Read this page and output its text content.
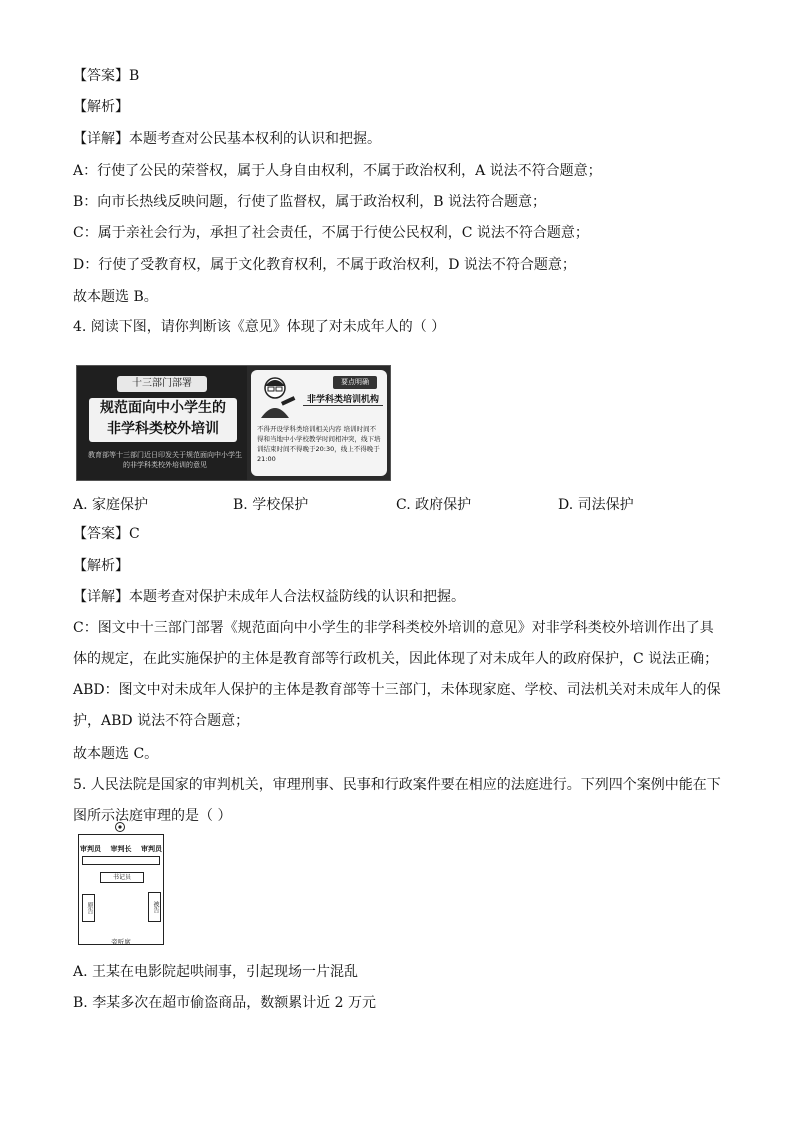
【答案】B
【解析】
【详解】本题考查对公民基本权利的认识和把握。
A：行使了公民的荣誉权，属于人身自由权利，不属于政治权利，A 说法不符合题意；
B：向市长热线反映问题，行使了监督权，属于政治权利，B 说法符合题意；
C：属于亲社会行为，承担了社会责任，不属于行使公民权利，C 说法不符合题意；
D：行使了受教育权，属于文化教育权利，不属于政治权利，D 说法不符合题意；
故本题选 B。
4. 阅读下图，请你判断该《意见》体现了对未成年人的（ ）
十三部门部署
规范面向中小学生的
非学科类校外培训
教育部等十三部门近日印发关于规范面向中小学生的非学科类校外培训的意见
要点明确
非学科类培训机构
不得开设学科类培训相关内容 培训时间不得和当地中小学校教学时间相冲突，线下培训结束时间不得晚于20:30，线上不得晚于21:00
A. 家庭保护	B. 学校保护	C. 政府保护	D. 司法保护
【答案】C
【解析】
【详解】本题考查对保护未成年人合法权益防线的认识和把握。
C：图文中十三部门部署《规范面向中小学生的非学科类校外培训的意见》对非学科类校外培训作出了具体的规定，在此实施保护的主体是教育部等行政机关，因此体现了对未成年人的政府保护，C 说法正确；
ABD：图文中对未成年人保护的主体是教育部等十三部门，未体现家庭、学校、司法机关对未成年人的保护，ABD 说法不符合题意；
故本题选 C。
5. 人民法院是国家的审判机关，审理刑事、民事和行政案件要在相应的法庭进行。下列四个案例中能在下图所示法庭审理的是（ ）
审判员 审判长 审判员
书记员
原告	被告
旁听席
A. 王某在电影院起哄闹事，引起现场一片混乱
B. 李某多次在超市偷盗商品，数额累计近 2 万元
